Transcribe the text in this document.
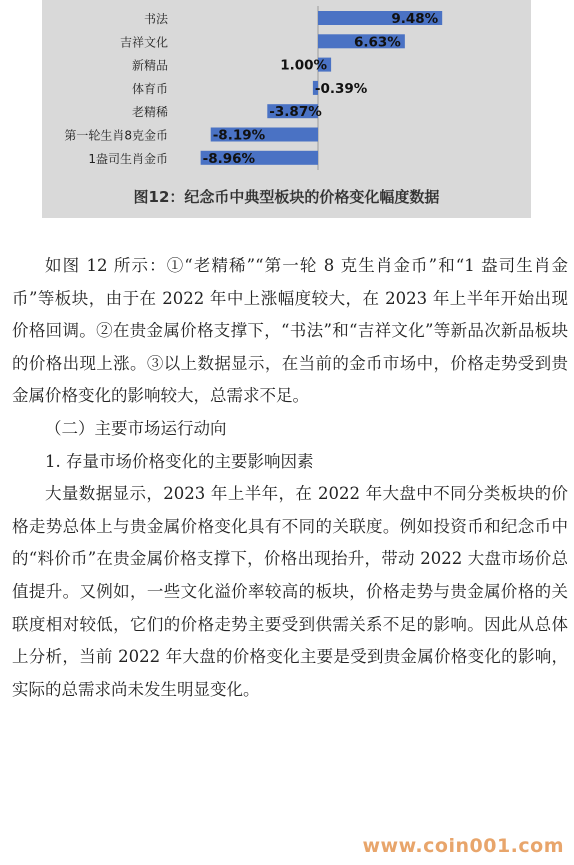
书法	9.48%
吉祥文化	6.63%
新精品	1.00%
体育币	-0.39%
老精稀	-3.87%
第一轮生肖8克金币	-8.19%
1盎司生肖金币	-8.96%
图12：纪念币中典型板块的价格变化幅度数据

如图 12 所示：①“老精稀”“第一轮 8 克生肖金币”和“1 盎司生肖金币”等板块，由于在 2022 年中上涨幅度较大，在 2023 年上半年开始出现价格回调。②在贵金属价格支撑下，“书法”和“吉祥文化”等新品次新品板块的价格出现上涨。③以上数据显示，在当前的金币市场中，价格走势受到贵金属价格变化的影响较大，总需求不足。

（二）主要市场运行动向

1. 存量市场价格变化的主要影响因素

大量数据显示，2023 年上半年，在 2022 年大盘中不同分类板块的价格走势总体上与贵金属价格变化具有不同的关联度。例如投资币和纪念币中的“料价币”在贵金属价格支撑下，价格出现抬升，带动 2022 大盘市场价总值提升。又例如，一些文化溢价率较高的板块，价格走势与贵金属价格的关联度相对较低，它们的价格走势主要受到供需关系不足的影响。因此从总体上分析，当前 2022 年大盘的价格变化主要是受到贵金属价格变化的影响，实际的总需求尚未发生明显变化。

www.coin001.com
